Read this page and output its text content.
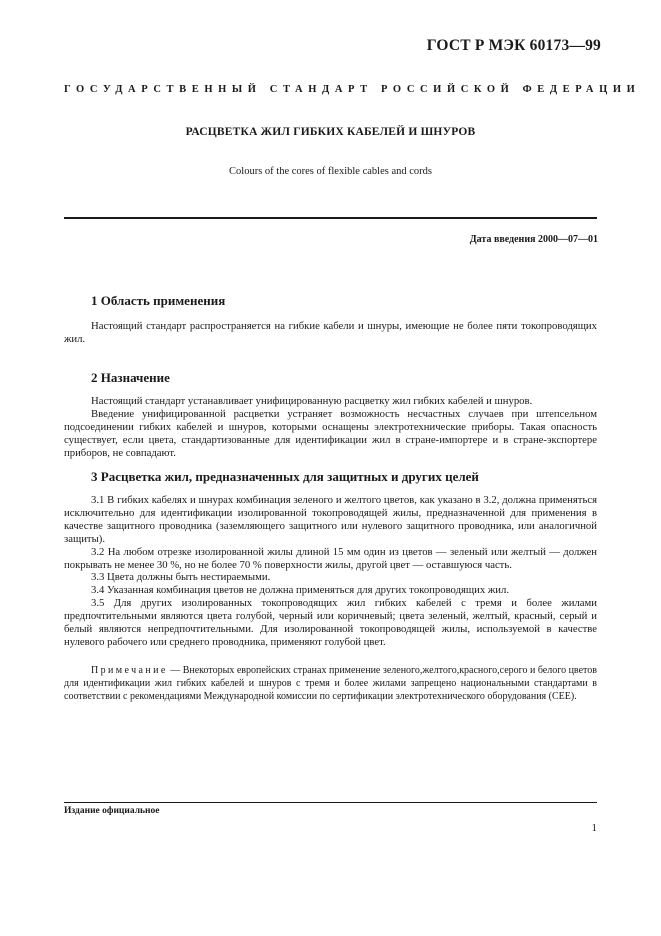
ГОСТ Р МЭК 60173—99
ГОСУДАРСТВЕННЫЙ СТАНДАРТ РОССИЙСКОЙ ФЕДЕРАЦИИ
РАСЦВЕТКА ЖИЛ ГИБКИХ КАБЕЛЕЙ И ШНУРОВ
Colours of the cores of flexible cables and cords
Дата введения 2000—07—01
1 Область применения

Настоящий стандарт распространяется на гибкие кабели и шнуры, имеющие не более пяти токопроводящих жил.

2 Назначение

Настоящий стандарт устанавливает унифицированную расцветку жил гибких кабелей и шнуров.

Введение унифицированной расцветки устраняет возможность несчастных случаев при штепсельном подсоединении гибких кабелей и шнуров, которыми оснащены электротехнические приборы. Такая опасность существует, если цвета, стандартизованные для идентификации жил в стране-импортере и в стране-экспортере приборов, не совпадают.

3 Расцветка жил, предназначенных для защитных и других целей

3.1 В гибких кабелях и шнурах комбинация зеленого и желтого цветов, как указано в 3.2, должна применяться исключительно для идентификации изолированной токопроводящей жилы, предназначенной для применения в качестве защитного проводника (заземляющего защитного или нулевого защитного проводника, или аналогичной защиты).

3.2 На любом отрезке изолированной жилы длиной 15 мм один из цветов — зеленый или желтый — должен покрывать не менее 30 %, но не более 70 % поверхности жилы, другой цвет — оставшуюся часть.

3.3 Цвета должны быть нестираемыми.

3.4 Указанная комбинация цветов не должна применяться для других токопроводящих жил.

3.5 Для других изолированных токопроводящих жил гибких кабелей с тремя и более жилами предпочтительными являются цвета голубой, черный или коричневый; цвета зеленый, желтый, красный, серый и белый являются непредпочтительными. Для изолированной токопроводящей жилы, используемой в качестве нулевого рабочего или среднего проводника, применяют голубой цвет.

Примечание — Внекоторых европейских странах применение зеленого,желтого,красного,серого и белого цветов для идентификации жил гибких кабелей и шнуров с тремя и более жилами запрещено национальными стандартами в соответствии с рекомендациями Международной комиссии по сертификации электротехнического оборудования (CEE).
Издание официальное
1
